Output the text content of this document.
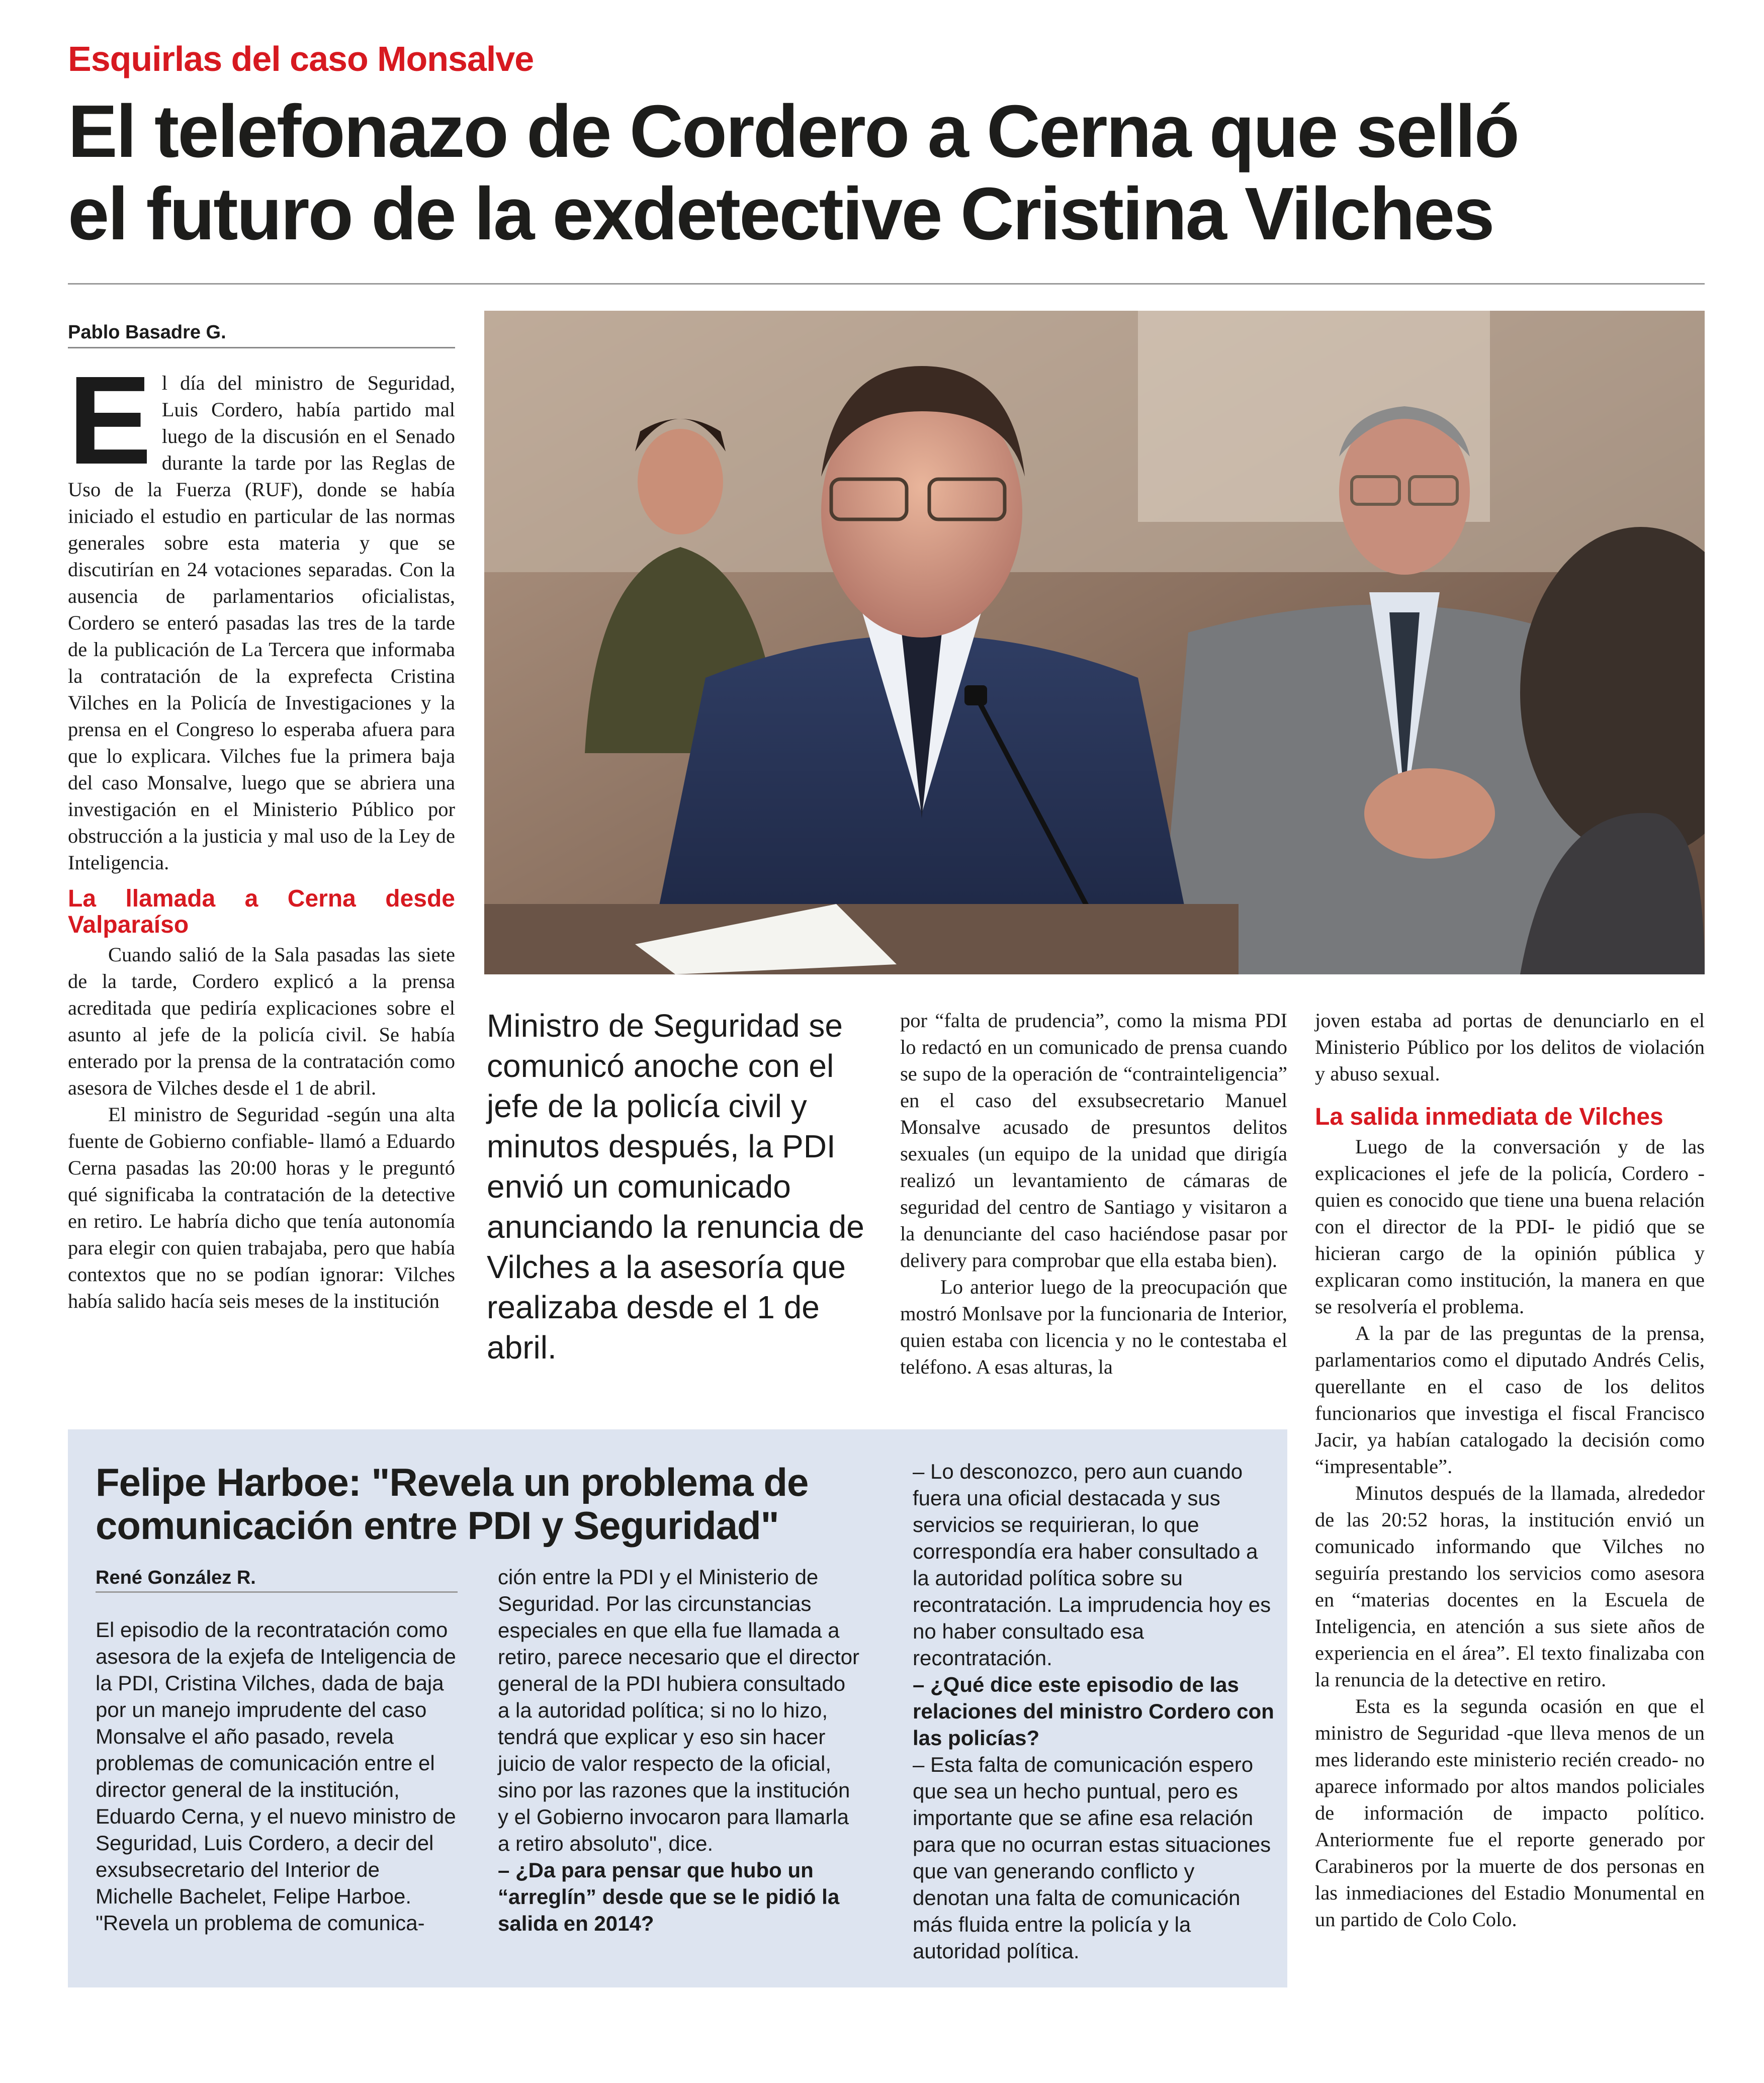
Esquirlas del caso Monsalve
El telefonazo de Cordero a Cerna que selló
el futuro de la exdetective Cristina Vilches
Pablo Basadre G.

El día del ministro de Seguridad, Luis Cordero, había partido mal luego de la discusión en el Senado durante la tarde por las Reglas de Uso de la Fuerza (RUF), donde se había iniciado el estudio en particular de las normas generales sobre esta materia y que se discutirían en 24 votaciones separadas. Con la ausencia de parlamentarios oficialistas, Cordero se enteró pasadas las tres de la tarde de la publicación de La Tercera que informaba la contratación de la exprefecta Cristina Vilches en la Policía de Investigaciones y la prensa en el Congreso lo esperaba afuera para que lo explicara. Vilches fue la primera baja del caso Monsalve, luego que se abriera una investigación en el Ministerio Público por obstrucción a la justicia y mal uso de la Ley de Inteligencia.

La llamada a Cerna desde Valparaíso

Cuando salió de la Sala pasadas las siete de la tarde, Cordero explicó a la prensa acreditada que pediría explicaciones sobre el asunto al jefe de la policía civil. Se había enterado por la prensa de la contratación como asesora de Vilches desde el 1 de abril.

El ministro de Seguridad -según una alta fuente de Gobierno confiable- llamó a Eduardo Cerna pasadas las 20:00 horas y le preguntó qué significaba la contratación de la detective en retiro. Le habría dicho que tenía autonomía para elegir con quien trabajaba, pero que había contextos que no se podían ignorar: Vilches había salido hacía seis meses de la institución

Ministro de Seguridad se comunicó anoche con el jefe de la policía civil y minutos después, la PDI envió un comunicado anunciando la renuncia de Vilches a la asesoría que realizaba desde el 1 de abril.

por “falta de prudencia”, como la misma PDI lo redactó en un comunicado de prensa cuando se supo de la operación de “contrainteligencia” en el caso del exsubsecretario Manuel Monsalve acusado de presuntos delitos sexuales (un equipo de la unidad que dirigía realizó un levantamiento de cámaras de seguridad del centro de Santiago y visitaron a la denunciante del caso haciéndose pasar por delivery para comprobar que ella estaba bien).

Lo anterior luego de la preocupación que mostró Monlsave por la funcionaria de Interior, quien estaba con licencia y no le contestaba el teléfono. A esas alturas, la

joven estaba ad portas de denunciarlo en el Ministerio Público por los delitos de violación y abuso sexual.

La salida inmediata de Vilches

Luego de la conversación y de las explicaciones el jefe de la policía, Cordero -quien es conocido que tiene una buena relación con el director de la PDI- le pidió que se hicieran cargo de la opinión pública y explicaran como institución, la manera en que se resolvería el problema.

A la par de las preguntas de la prensa, parlamentarios como el diputado Andrés Celis, querellante en el caso de los delitos funcionarios que investiga el fiscal Francisco Jacir, ya habían catalogado la decisión como “impresentable”.

Minutos después de la llamada, alrededor de las 20:52 horas, la institución envió un comunicado informando que Vilches no seguiría prestando los servicios como asesora en “materias docentes en la Escuela de Inteligencia, en atención a sus siete años de experiencia en el área”. El texto finalizaba con la renuncia de la detective en retiro.

Esta es la segunda ocasión en que el ministro de Seguridad -que lleva menos de un mes liderando este ministerio recién creado- no aparece informado por altos mandos policiales de información de impacto político. Anteriormente fue el reporte generado por Carabineros por la muerte de dos personas en las inmediaciones del Estadio Monumental en un partido de Colo Colo.

Felipe Harboe: "Revela un problema de
comunicación entre PDI y Seguridad"
René González R.

El episodio de la recontratación como asesora de la exjefa de Inteligencia de la PDI, Cristina Vilches, dada de baja por un manejo imprudente del caso Monsalve el año pasado, revela problemas de comunicación entre el director general de la institución, Eduardo Cerna, y el nuevo ministro de Seguridad, Luis Cordero, a decir del exsubsecretario del Interior de Michelle Bachelet, Felipe Harboe.

"Revela un problema de comunica-

ción entre la PDI y el Ministerio de Seguridad. Por las circunstancias especiales en que ella fue llamada a retiro, parece necesario que el director general de la PDI hubiera consultado a la autoridad política; si no lo hizo, tendrá que explicar y eso sin hacer juicio de valor respecto de la oficial, sino por las razones que la institución y el Gobierno invocaron para llamarla a retiro absoluto", dice.

– ¿Da para pensar que hubo un “arreglín” desde que se le pidió la salida en 2014?

– Lo desconozco, pero aun cuando fuera una oficial destacada y sus servicios se requirieran, lo que correspondía era haber consultado a la autoridad política sobre su recontratación. La imprudencia hoy es no haber consultado esa recontratación.

– ¿Qué dice este episodio de las relaciones del ministro Cordero con las policías?

– Esta falta de comunicación espero que sea un hecho puntual, pero es importante que se afine esa relación para que no ocurran estas situaciones que van generando conflicto y denotan una falta de comunicación más fluida entre la policía y la autoridad política.
